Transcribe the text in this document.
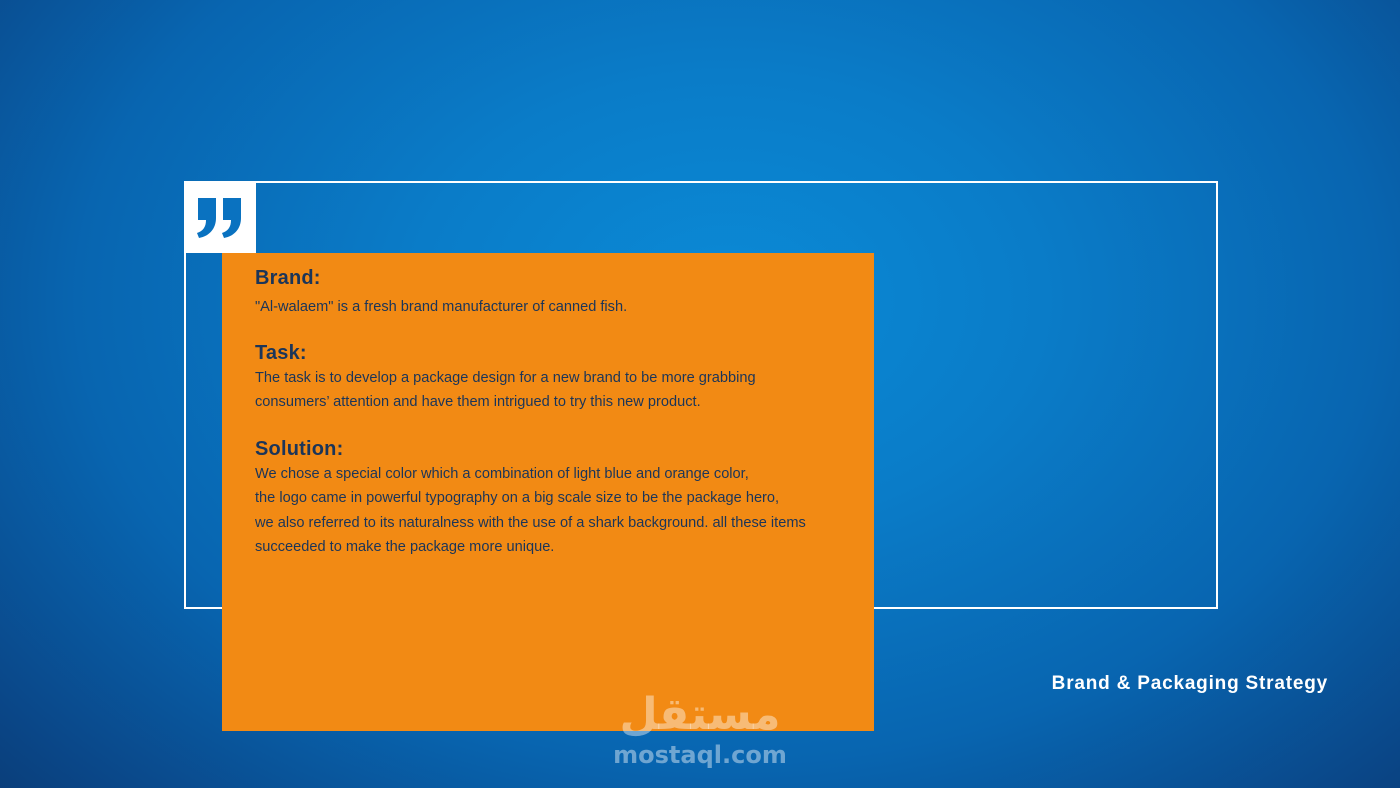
Brand:

"Al-walaem" is a fresh brand manufacturer of canned fish.

Task:

The task is to develop a package design for a new brand to be more grabbing
consumers’ attention and have them intrigued to try this new product.

Solution:

We chose a special color which a combination of light blue and orange color,
the logo came in powerful typography on a big scale size to be the package hero,
we also referred to its naturalness with the use of a shark background. all these items
succeeded to make the package more unique.

Brand & Packaging Strategy
مستقل
mostaql.com
